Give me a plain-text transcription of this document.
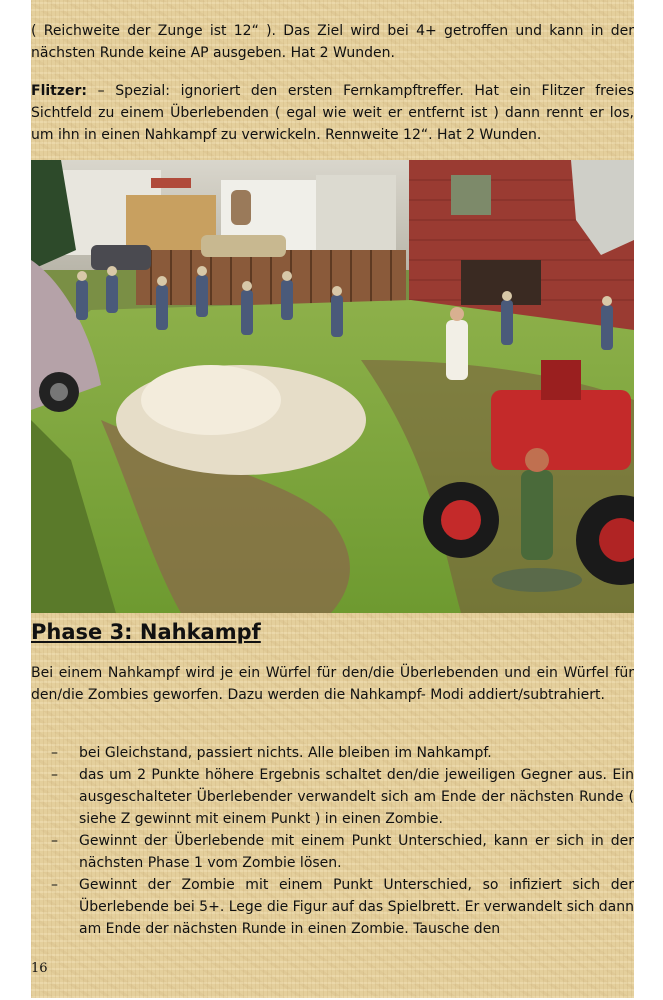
( Reichweite der Zunge ist 12“ ). Das Ziel wird bei 4+ getroffen und kann in der nächsten Runde keine AP ausgeben. Hat 2 Wunden.

Flitzer: – Spezial: ignoriert den ersten Fernkampftreffer. Hat ein Flitzer freies Sichtfeld zu einem Überlebenden ( egal wie weit er entfernt ist ) dann rennt er los, um ihn in einen Nahkampf zu verwickeln. Rennweite 12“. Hat 2 Wunden.

Phase 3: Nahkampf

Bei einem Nahkampf wird je ein Würfel für den/die Überlebenden und ein Würfel für den/die Zombies geworfen. Dazu werden die Nahkampf- Modi addiert/subtrahiert.

– bei Gleichstand, passiert nichts. Alle bleiben im Nahkampf.
– das um 2 Punkte höhere Ergebnis schaltet den/die jeweiligen Gegner aus. Ein ausgeschalteter Überlebender verwandelt sich am Ende der nächsten Runde ( siehe Z gewinnt mit einem Punkt ) in einen Zombie.
– Gewinnt der Überlebende mit einem Punkt Unterschied, kann er sich in der nächsten Phase 1 vom Zombie lösen.
– Gewinnt der Zombie mit einem Punkt Unterschied, so infiziert sich der Überlebende bei 5+. Lege die Figur auf das Spielbrett. Er verwandelt sich dann am Ende der nächsten Runde in einen Zombie. Tausche den
16
